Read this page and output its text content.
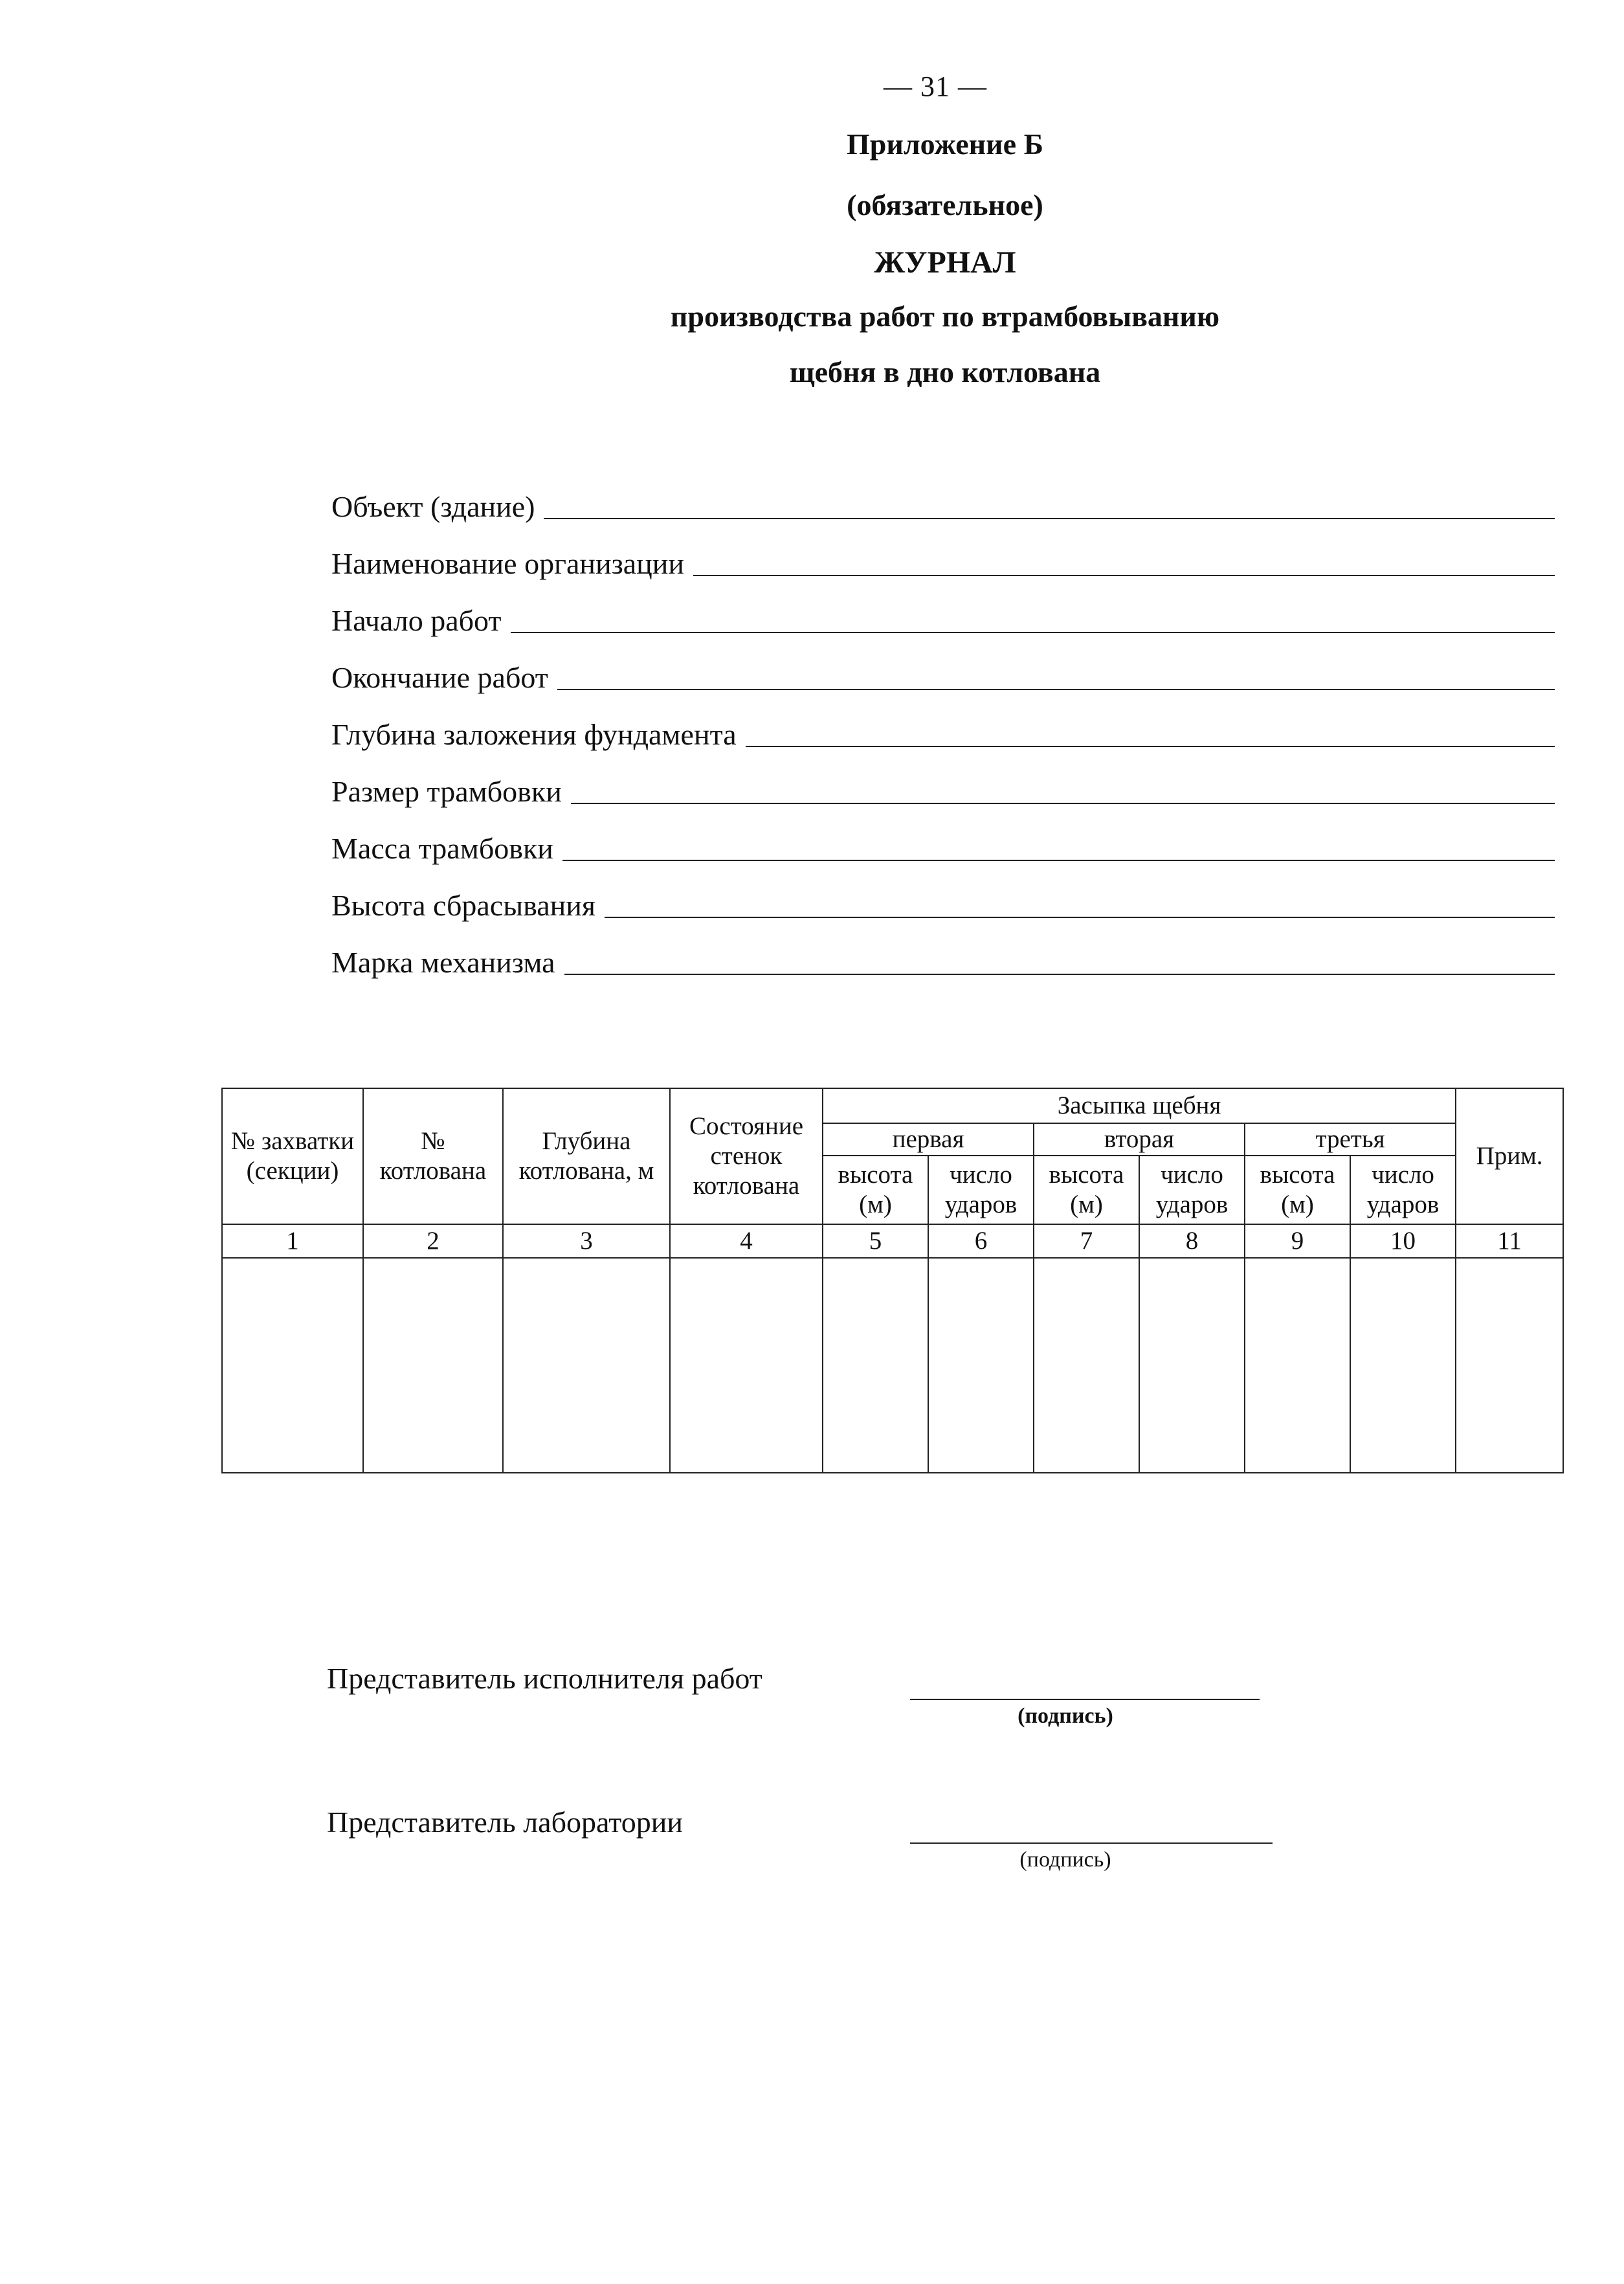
— 31 —
Приложение Б
(обязательное)
ЖУРНАЛ
производства работ по втрамбовыванию
щебня в дно котлована
Объект (здание)
Наименование организации
Начало работ
Окончание работ
Глубина заложения фундамента
Размер трамбовки
Масса трамбовки
Высота сбрасывания
Марка механизма
№ захватки (секции)	№ котлована	Глубина котлована, м	Состояние стенок котлована	Засыпка щебня						Прим.
				первая		вторая		третья		
				высота (м)	число ударов	высота (м)	число ударов	высота (м)	число ударов	
1	2	3	4	5	6	7	8	9	10	11

Представитель исполнителя работ
(подпись)
Представитель лаборатории
(подпись)
